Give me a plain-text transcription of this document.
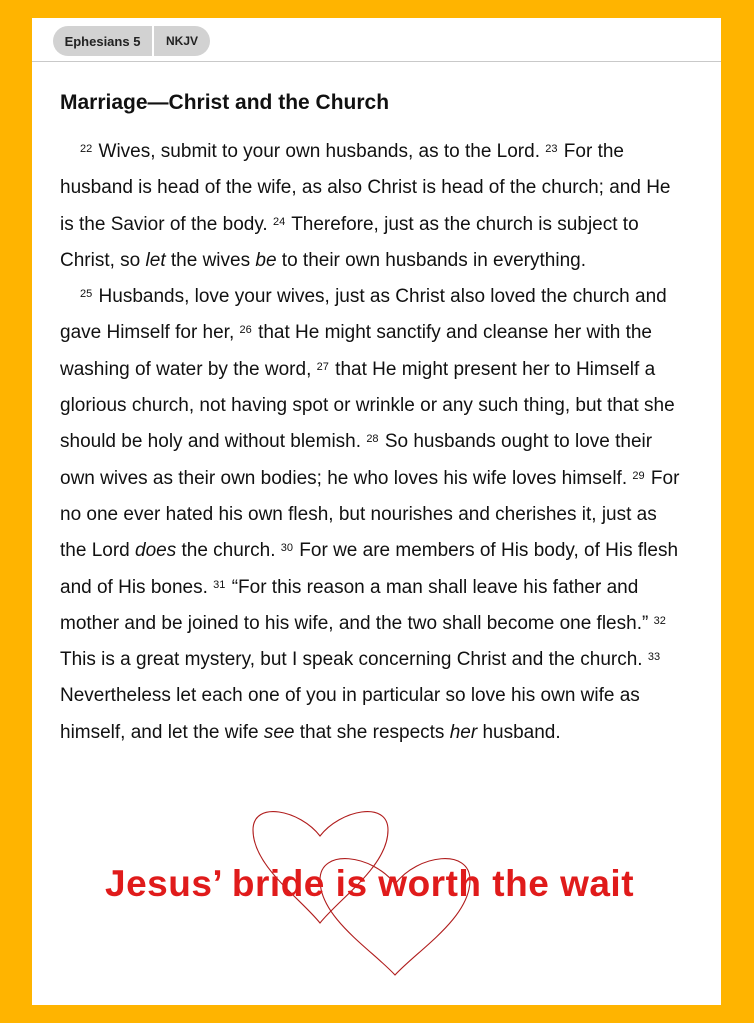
Ephesians 5	NKJV
Marriage—Christ and the Church

$^{22}$ Wives, submit to your own husbands, as to the Lord. $^{23}$ For the husband is head of the wife, as also Christ is head of the church; and He is the Savior of the body. $^{24}$ Therefore, just as the church is subject to Christ, so let the wives be to their own husbands in everything.

$^{25}$ Husbands, love your wives, just as Christ also loved the church and gave Himself for her, $^{26}$ that He might sanctify and cleanse her with the washing of water by the word, $^{27}$ that He might present her to Himself a glorious church, not having spot or wrinkle or any such thing, but that she should be holy and without blemish. $^{28}$ So husbands ought to love their own wives as their own bodies; he who loves his wife loves himself. $^{29}$ For no one ever hated his own flesh, but nourishes and cherishes it, just as the Lord does the church. $^{30}$ For we are members of His body, of His flesh and of His bones. $^{31}$ “For this reason a man shall leave his father and mother and be joined to his wife, and the two shall become one flesh.” $^{32}$ This is a great mystery, but I speak concerning Christ and the church. $^{33}$ Nevertheless let each one of you in particular so love his own wife as himself, and let the wife see that she respects her husband.

Jesus’ bride is worth the wait
